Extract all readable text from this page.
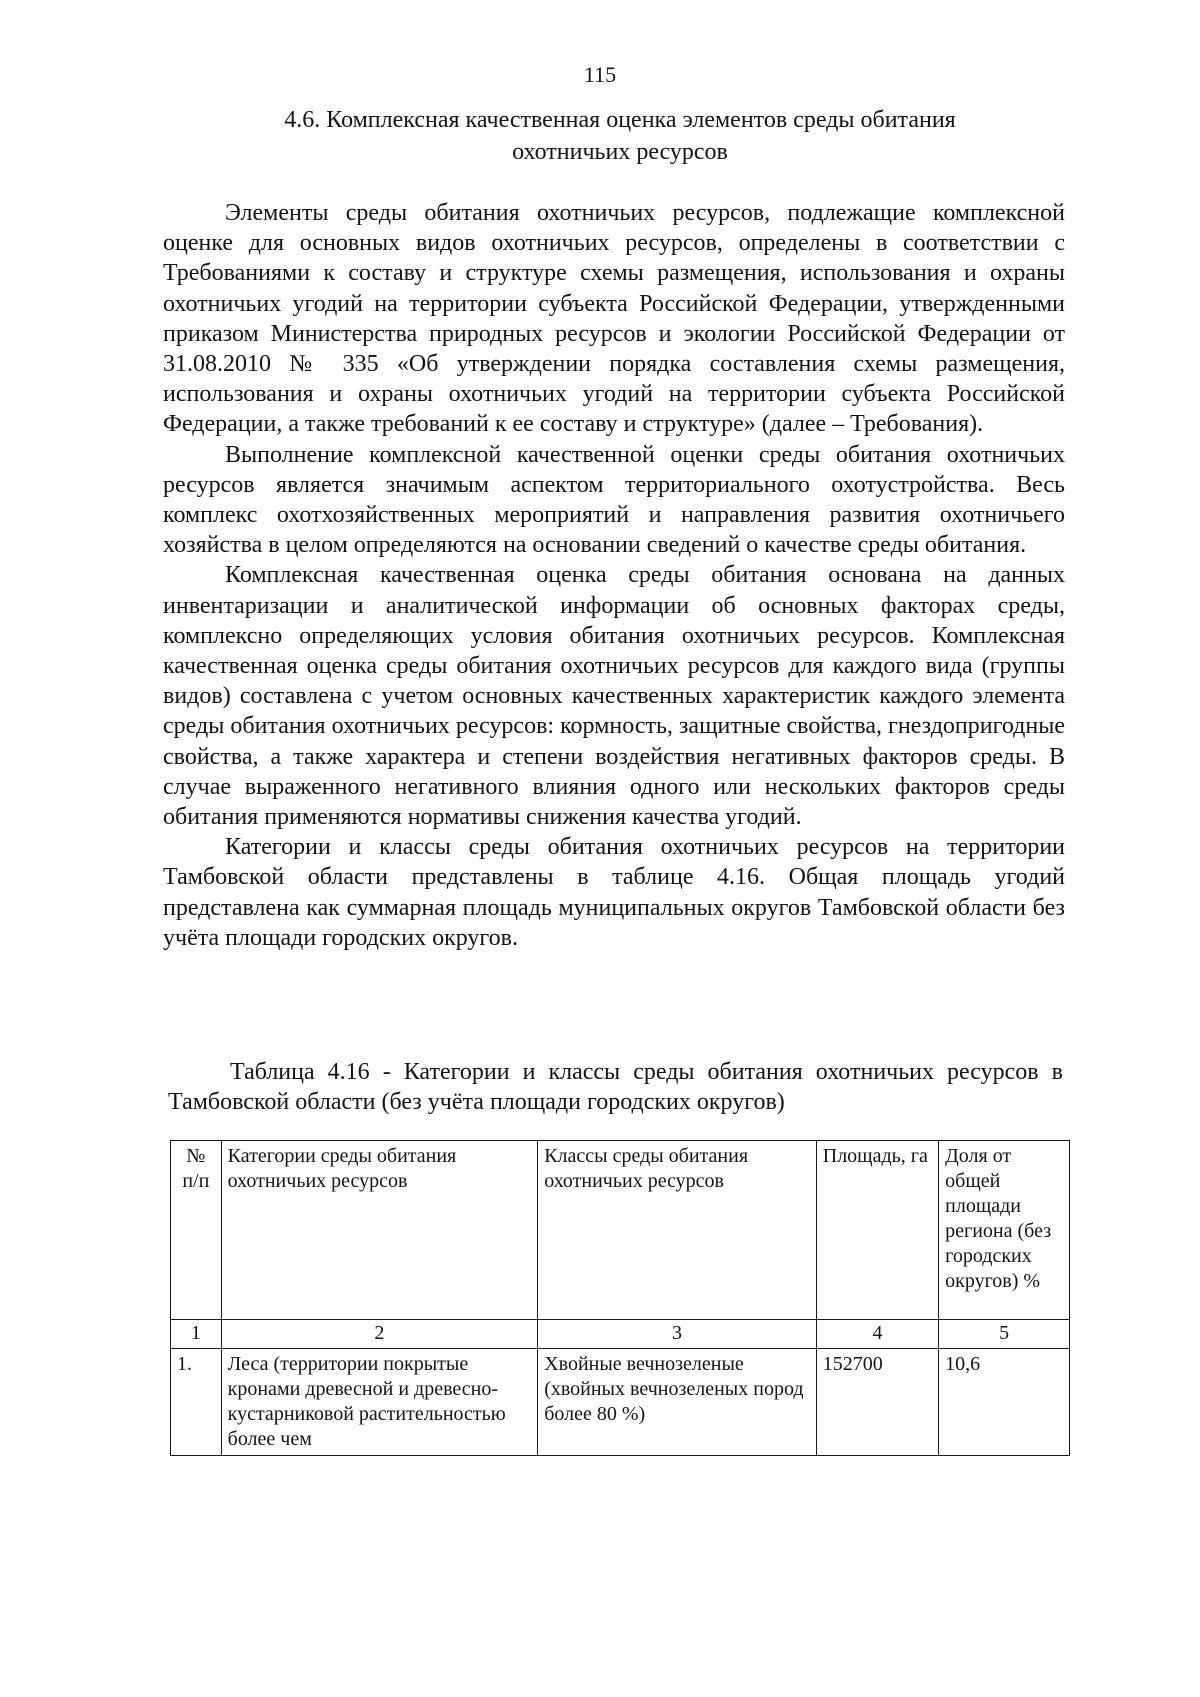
115
4.6. Комплексная качественная оценка элементов среды обитания
охотничьих ресурсов

Элементы среды обитания охотничьих ресурсов, подлежащие комплексной оценке для основных видов охотничьих ресурсов, определены в соответствии с Требованиями к составу и структуре схемы размещения, использования и охраны охотничьих угодий на территории субъекта Российской Федерации, утвержденными приказом Министерства природных ресурсов и экологии Российской Федерации от 31.08.2010 № 335 «Об утверждении порядка составления схемы размещения, использования и охраны охотничьих угодий на территории субъекта Российской Федерации, а также требований к ее составу и структуре» (далее – Требования).

Выполнение комплексной качественной оценки среды обитания охотничьих ресурсов является значимым аспектом территориального охотустройства. Весь комплекс охотхозяйственных мероприятий и направления развития охотничьего хозяйства в целом определяются на основании сведений о качестве среды обитания.

Комплексная качественная оценка среды обитания основана на данных инвентаризации и аналитической информации об основных факторах среды, комплексно определяющих условия обитания охотничьих ресурсов. Комплексная качественная оценка среды обитания охотничьих ресурсов для каждого вида (группы видов) составлена с учетом основных качественных характеристик каждого элемента среды обитания охотничьих ресурсов: кормность, защитные свойства, гнездопригодные свойства, а также характера и степени воздействия негативных факторов среды. В случае выраженного негативного влияния одного или нескольких факторов среды обитания применяются нормативы снижения качества угодий.

Категории и классы среды обитания охотничьих ресурсов на территории Тамбовской области представлены в таблице 4.16. Общая площадь угодий представлена как суммарная площадь муниципальных округов Тамбовской области без учёта площади городских округов.

Таблица 4.16 - Категории и классы среды обитания охотничьих ресурсов в Тамбовской области (без учёта площади городских округов)
№ п/п	Категории среды обитания охотничьих ресурсов	Классы среды обитания охотничьих ресурсов	Площадь, га	Доля от общей площади региона (без городских округов) %
1	2	3	4	5
1.	Леса (территории покрытые кронами древесной и древесно-кустарниковой растительностью более чем	Хвойные вечнозеленые (хвойных вечнозеленых пород более 80 %)	152700	10,6
